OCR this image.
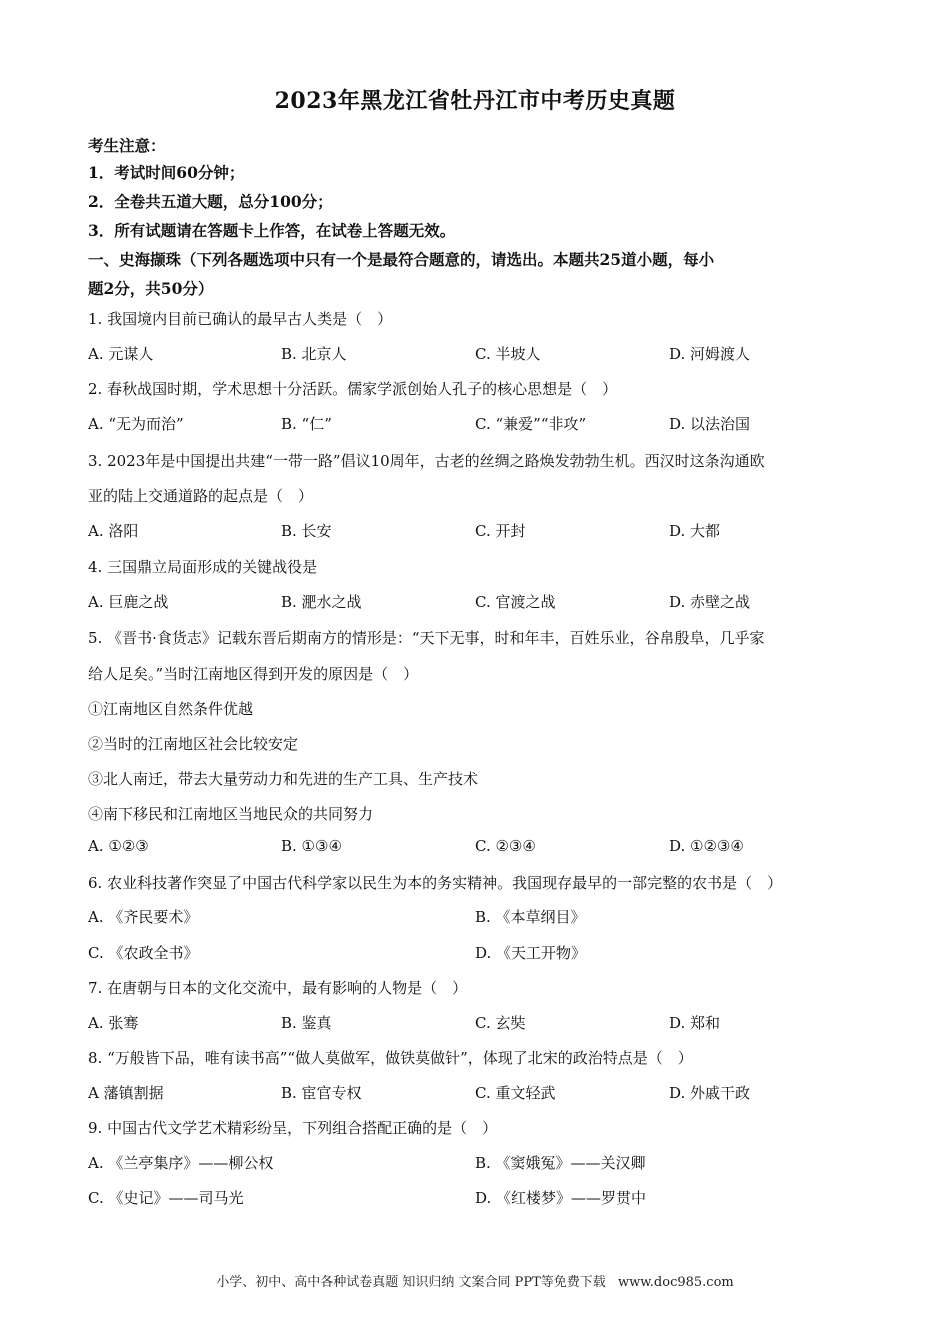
2023年黑龙江省牡丹江市中考历史真题
考生注意：
1．考试时间60分钟；
2．全卷共五道大题，总分100分；
3．所有试题请在答题卡上作答，在试卷上答题无效。
一、史海撷珠（下列各题选项中只有一个是最符合题意的，请选出。本题共25道小题，每小
题2分，共50分）
1. 我国境内目前已确认的最早古人类是（　）
A. 元谋人	B. 北京人	C. 半坡人	D. 河姆渡人
2. 春秋战国时期，学术思想十分活跃。儒家学派创始人孔子的核心思想是（　）
A. “无为而治”	B. “仁”	C. “兼爱”“非攻”	D. 以法治国
3. 2023年是中国提出共建“一带一路”倡议10周年，古老的丝绸之路焕发勃勃生机。西汉时这条沟通欧
亚的陆上交通道路的起点是（　）
A. 洛阳	B. 长安	C. 开封	D. 大都
4. 三国鼎立局面形成的关键战役是
A. 巨鹿之战	B. 淝水之战	C. 官渡之战	D. 赤壁之战
5. 《晋书·食货志》记载东晋后期南方的情形是：“天下无事，时和年丰，百姓乐业，谷帛殷阜，几乎家
给人足矣。”当时江南地区得到开发的原因是（　）
①江南地区自然条件优越
②当时的江南地区社会比较安定
③北人南迁，带去大量劳动力和先进的生产工具、生产技术
④南下移民和江南地区当地民众的共同努力
A. ①②③	B. ①③④	C. ②③④	D. ①②③④
6. 农业科技著作突显了中国古代科学家以民生为本的务实精神。我国现存最早的一部完整的农书是（　）
A. 《齐民要术》	B. 《本草纲目》
C. 《农政全书》	D. 《天工开物》
7. 在唐朝与日本的文化交流中，最有影响的人物是（　）
A. 张骞	B. 鉴真	C. 玄奘	D. 郑和
8. “万般皆下品，唯有读书高”“做人莫做军，做铁莫做针”，体现了北宋的政治特点是（　）
A 藩镇割据	B. 宦官专权	C. 重文轻武	D. 外戚干政
9. 中国古代文学艺术精彩纷呈，下列组合搭配正确的是（　）
A. 《兰亭集序》——柳公权	B. 《窦娥冤》——关汉卿
C. 《史记》——司马光	D. 《红楼梦》——罗贯中
小学、初中、高中各种试卷真题 知识归纳 文案合同 PPT等免费下载 www.doc985.com
